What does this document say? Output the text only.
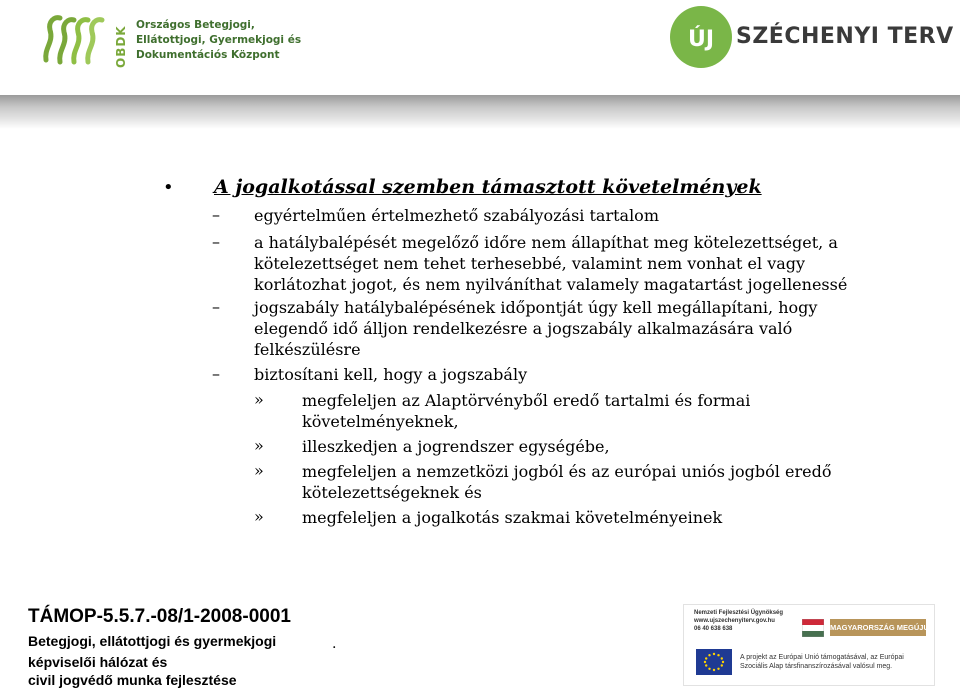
OBDK
Országos Betegjogi,
Ellátottjogi, Gyermekjogi és
Dokumentációs Központ
ÚJ SZÉCHENYI TERV
• A jogalkotással szemben támasztott követelmények
– egyértelműen értelmezhető szabályozási tartalom
– a hatálybalépését megelőző időre nem állapíthat meg kötelezettséget, a
kötelezettséget nem tehet terhesebbé, valamint nem vonhat el vagy
korlátozhat jogot, és nem nyilváníthat valamely magatartást jogellenessé
– jogszabály hatálybalépésének időpontját úgy kell megállapítani, hogy
elegendő idő álljon rendelkezésre a jogszabály alkalmazására való
felkészülésre
– biztosítani kell, hogy a jogszabály
» megfeleljen az Alaptörvényből eredő tartalmi és formai
követelményeknek,
» illeszkedjen a jogrendszer egységébe,
» megfeleljen a nemzetközi jogból és az európai uniós jogból eredő
kötelezettségeknek és
» megfeleljen a jogalkotás szakmai követelményeinek
TÁMOP-5.5.7.-08/1-2008-0001
Betegjogi, ellátottjogi és gyermekjogi
képviselői hálózat és
civil jogvédő munka fejlesztése
.
Nemzeti Fejlesztési Ügynökség
www.ujszechenyiterv.gov.hu
06 40 638 638	MAGYARORSZÁG MEGÚJUL
A projekt az Európai Unió támogatásával, az Európai
Szociális Alap társfinanszírozásával valósul meg.
